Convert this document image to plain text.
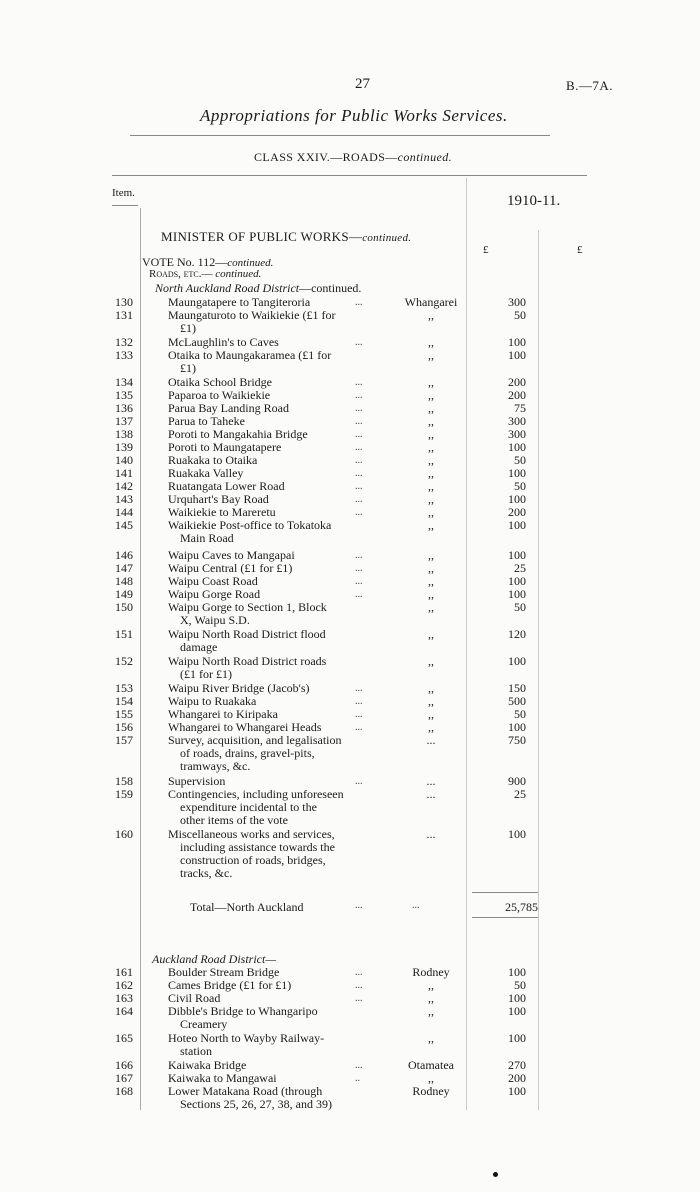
27	B.—7A.
Appropriations for Public Works Services.
CLASS XXIV.—ROADS—continued.
Item.	1910-11.
MINISTER OF PUBLIC WORKS—continued.
£	£
VOTE No. 112—continued.
Roads, etc.— continued.
North Auckland Road District—continued.
130	Maungatapere to Tangiteroria	...	Whangarei	300
131	Maungaturoto to Waikiekie (£1 for
£1)
,,	50
132	McLaughlin's to Caves	...	,,	100
133	Otaika to Maungakaramea (£1 for
£1)
,,	100
134	Otaika School Bridge	...	,,	200
135	Paparoa to Waikiekie	...	,,	200
136	Parua Bay Landing Road	...	,,	75
137	Parua to Taheke	...	,,	300
138	Poroti to Mangakahia Bridge	...	,,	300
139	Poroti to Maungatapere	...	,,	100
140	Ruakaka to Otaika	...	,,	50
141	Ruakaka Valley	...	,,	100
142	Ruatangata Lower Road	...	,,	50
143	Urquhart's Bay Road	...	,,	100
144	Waikiekie to Mareretu	...	,,	200
145	Waikiekie Post-office to Tokatoka
Main Road
,,	100
146	Waipu Caves to Mangapai	...	,,	100
147	Waipu Central (£1 for £1)	...	,,	25
148	Waipu Coast Road	...	,,	100
149	Waipu Gorge Road	...	,,	100
150	Waipu Gorge to Section 1, Block
X, Waipu S.D.
,,	50
151	Waipu North Road District flood
damage
,,	120
152	Waipu North Road District roads
(£1 for £1)
,,	100
153	Waipu River Bridge (Jacob's)	...	,,	150
154	Waipu to Ruakaka	...	,,	500
155	Whangarei to Kiripaka	...	,,	50
156	Whangarei to Whangarei Heads	...	,,	100
157	Survey, acquisition, and legalisation
of roads, drains, gravel-pits,
tramways, &c.
...	750
158	Supervision	...	...	900
159	Contingencies, including unforeseen
expenditure incidental to the
other items of the vote
...	25
160	Miscellaneous works and services,
including assistance towards the
construction of roads, bridges,
tracks, &c.
...	100
Total—North Auckland	...	...	25,785
Auckland Road District—
161	Boulder Stream Bridge	...	Rodney	100
162	Cames Bridge (£1 for £1)	...	,,	50
163	Civil Road	...	,,	100
164	Dibble's Bridge to Whangaripo
Creamery
,,	100
165	Hoteo North to Wayby Railway-
station
,,	100
166	Kaiwaka Bridge	...	Otamatea	270
167	Kaiwaka to Mangawai	..	,,	200
168	Lower Matakana Road (through
Sections 25, 26, 27, 38, and 39)
Rodney	100
